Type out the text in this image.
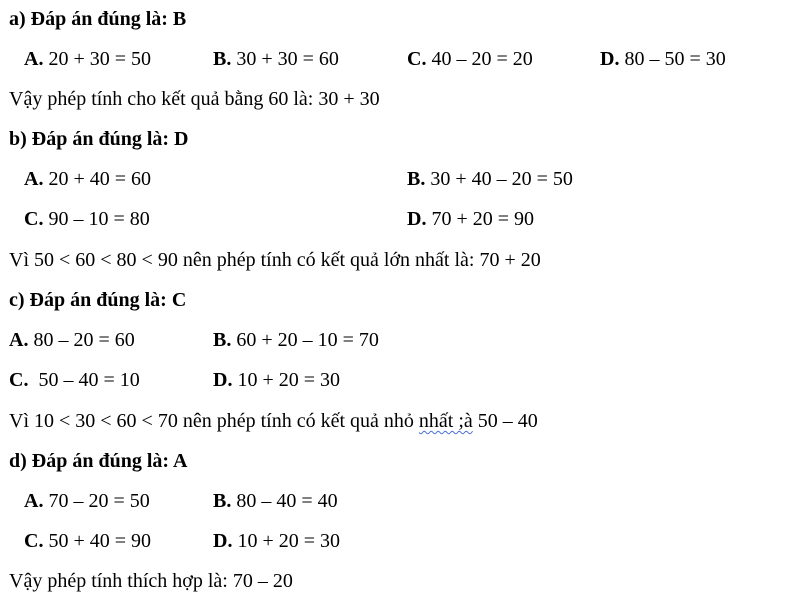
a) Đáp án đúng là: B
A. 20 + 30 = 50	B. 30 + 30 = 60	C. 40 – 20 = 20	D. 80 – 50 = 30
Vậy phép tính cho kết quả bằng 60 là: 30 + 30
b) Đáp án đúng là: D
A. 20 + 40 = 60	B. 30 + 40 – 20 = 50
C. 90 – 10 = 80	D. 70 + 20 = 90
Vì 50 < 60 < 80 < 90 nên phép tính có kết quả lớn nhất là: 70 + 20
c) Đáp án đúng là: C
A. 80 – 20 = 60	B. 60 + 20 – 10 = 70
C.  50 – 40 = 10	D. 10 + 20 = 30
Vì 10 < 30 < 60 < 70 nên phép tính có kết quả nhỏ nhất ;à 50 – 40
d) Đáp án đúng là: A
A. 70 – 20 = 50	B. 80 – 40 = 40
C. 50 + 40 = 90	D. 10 + 20 = 30
Vậy phép tính thích hợp là: 70 – 20
